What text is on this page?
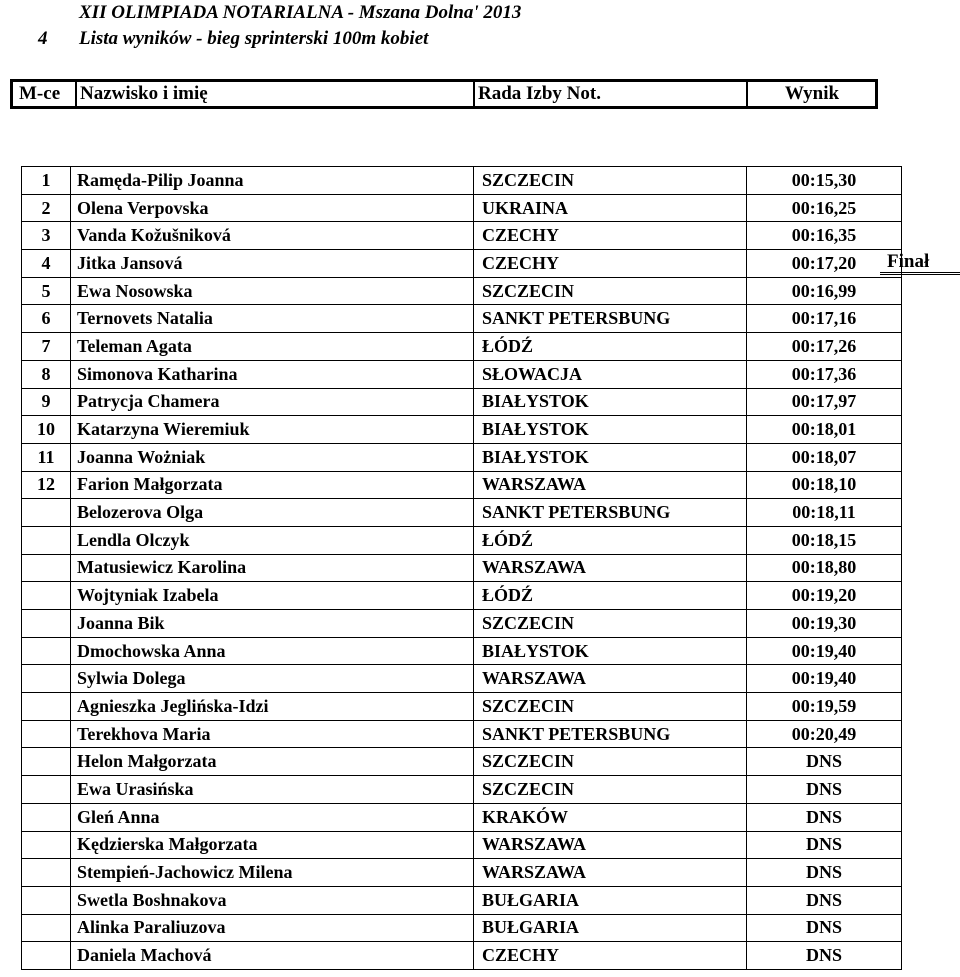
XII OLIMPIADA NOTARIALNA - Mszana Dolna' 2013
4 Lista wyników - bieg sprinterski 100m kobiet
M-ce	Nazwisko i imię	Rada Izby Not.	Wynik
1	Ramęda-Pilip Joanna	SZCZECIN	00:15,30
2	Olena Verpovska	UKRAINA	00:16,25
3	Vanda Kožušniková	CZECHY	00:16,35
4	Jitka Jansová	CZECHY	00:17,20
5	Ewa Nosowska	SZCZECIN	00:16,99
6	Ternovets Natalia	SANKT PETERSBUNG	00:17,16
7	Teleman Agata	ŁÓDŹ	00:17,26
8	Simonova Katharina	SŁOWACJA	00:17,36
9	Patrycja Chamera	BIAŁYSTOK	00:17,97
10	Katarzyna Wieremiuk	BIAŁYSTOK	00:18,01
11	Joanna Wożniak	BIAŁYSTOK	00:18,07
12	Farion Małgorzata	WARSZAWA	00:18,10
	Belozerova Olga	SANKT PETERSBUNG	00:18,11
	Lendla Olczyk	ŁÓDŹ	00:18,15
	Matusiewicz Karolina	WARSZAWA	00:18,80
	Wojtyniak Izabela	ŁÓDŹ	00:19,20
	Joanna Bik	SZCZECIN	00:19,30
	Dmochowska Anna	BIAŁYSTOK	00:19,40
	Sylwia Dolega	WARSZAWA	00:19,40
	Agnieszka Jeglińska-Idzi	SZCZECIN	00:19,59
	Terekhova Maria	SANKT PETERSBUNG	00:20,49
	Helon Małgorzata	SZCZECIN	DNS
	Ewa Urasińska	SZCZECIN	DNS
	Gleń Anna	KRAKÓW	DNS
	Kędzierska Małgorzata	WARSZAWA	DNS
	Stempień-Jachowicz Milena	WARSZAWA	DNS
	Swetla Boshnakova	BUŁGARIA	DNS
	Alinka Paraliuzova	BUŁGARIA	DNS
	Daniela Machová	CZECHY	DNS
Finał
